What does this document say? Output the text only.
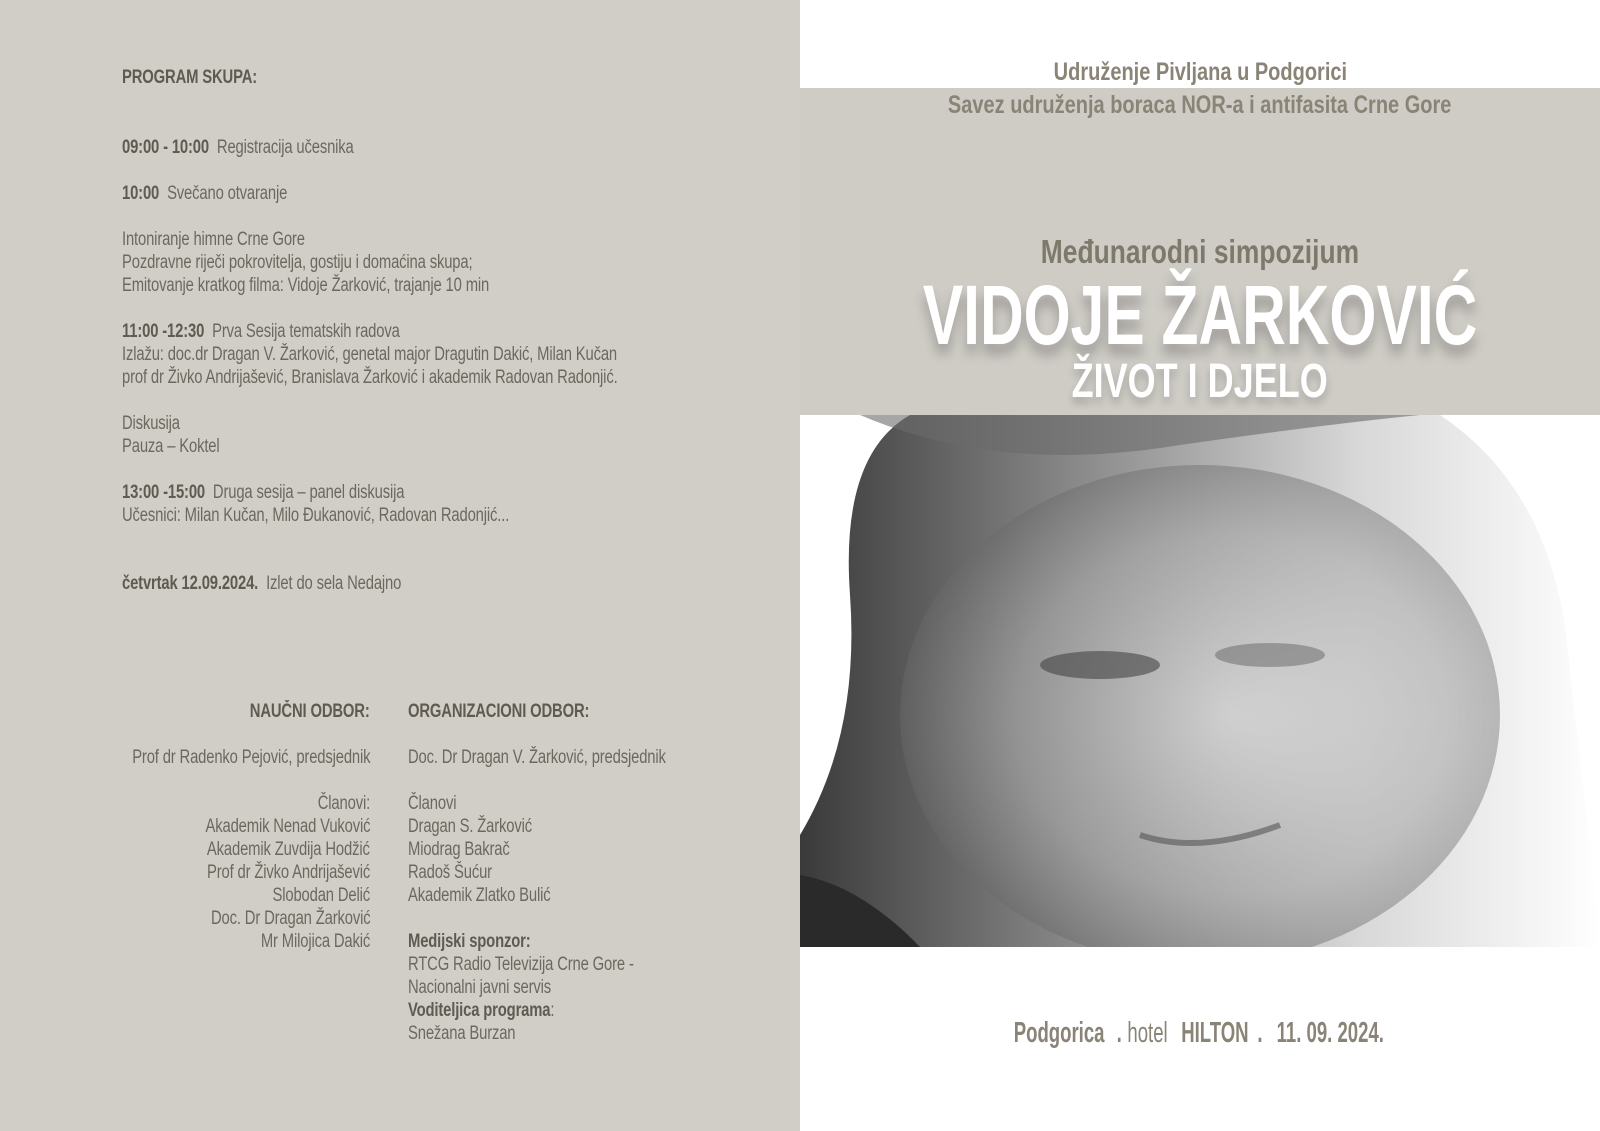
PROGRAM SKUPA:
09:00 - 10:00 Registracija učesnika
10:00 Svečano otvaranje
Intoniranje himne Crne Gore
Pozdravne riječi pokrovitelja, gostiju i domaćina skupa;
Emitovanje kratkog filma: Vidoje Žarković, trajanje 10 min
11:00 -12:30 Prva Sesija tematskih radova
Izlažu: doc.dr Dragan V. Žarković, genetal major Dragutin Dakić, Milan Kučan
prof dr Živko Andrijašević, Branislava Žarković i akademik Radovan Radonjić.
Diskusija
Pauza – Koktel
13:00 -15:00 Druga sesija – panel diskusija
Učesnici: Milan Kučan, Milo Đukanović, Radovan Radonjić...
četvrtak 12.09.2024. Izlet do sela Nedajno
NAUČNI ODBOR:
Prof dr Radenko Pejović, predsjednik
Članovi:
Akademik Nenad Vuković
Akademik Zuvdija Hodžić
Prof dr Živko Andrijašević
Slobodan Delić
Doc. Dr Dragan Žarković
Mr Milojica Dakić
ORGANIZACIONI ODBOR:
Doc. Dr Dragan V. Žarković, predsjednik
Članovi
Dragan S. Žarković
Miodrag Bakrač
Radoš Šućur
Akademik Zlatko Bulić
Medijski sponzor:
RTCG Radio Televizija Crne Gore -
Nacionalni javni servis
Voditeljica programa:
Snežana Burzan
Udruženje Pivljana u Podgorici
Savez udruženja boraca NOR-a i antifasita Crne Gore
Međunarodni simpozijum
VIDOJE ŽARKOVIĆ
ŽIVOT I DJELO
Podgorica.hotelHILTON.11. 09. 2024.
